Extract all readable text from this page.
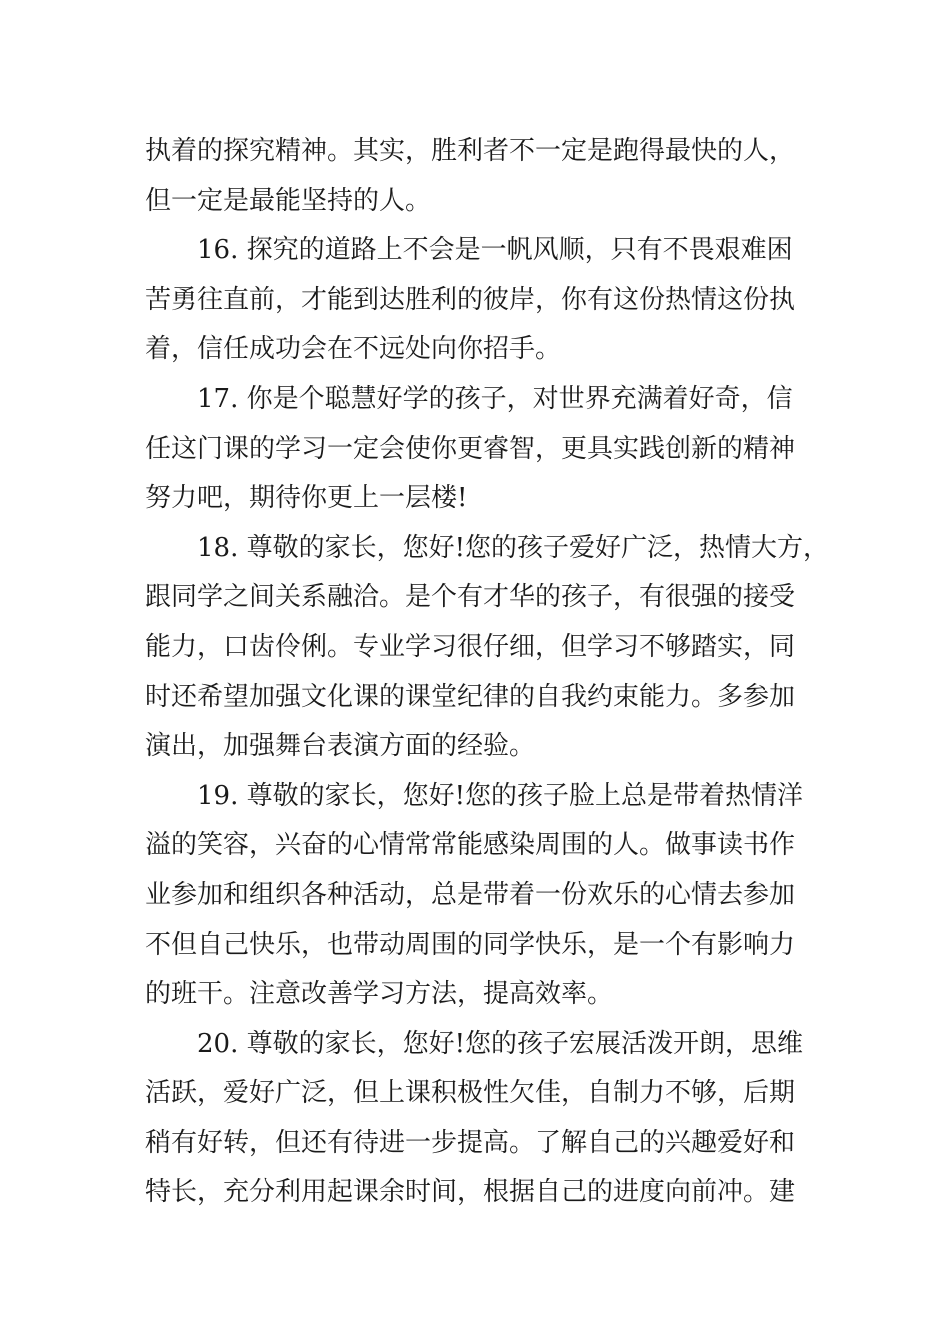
执着的探究精神。其实，胜利者不一定是跑得最快的人，
但一定是最能坚持的人。
16. 探究的道路上不会是一帆风顺，只有不畏艰难困
苦勇往直前，才能到达胜利的彼岸，你有这份热情这份执
着，信任成功会在不远处向你招手。
17. 你是个聪慧好学的孩子，对世界充满着好奇，信
任这门课的学习一定会使你更睿智，更具实践创新的精神
努力吧，期待你更上一层楼!
18. 尊敬的家长，您好!您的孩子爱好广泛，热情大方，
跟同学之间关系融洽。是个有才华的孩子，有很强的接受
能力，口齿伶俐。专业学习很仔细，但学习不够踏实，同
时还希望加强文化课的课堂纪律的自我约束能力。多参加
演出，加强舞台表演方面的经验。
19. 尊敬的家长，您好!您的孩子脸上总是带着热情洋
溢的笑容，兴奋的心情常常能感染周围的人。做事读书作
业参加和组织各种活动，总是带着一份欢乐的心情去参加
不但自己快乐，也带动周围的同学快乐，是一个有影响力
的班干。注意改善学习方法，提高效率。
20. 尊敬的家长，您好!您的孩子宏展活泼开朗，思维
活跃，爱好广泛，但上课积极性欠佳，自制力不够，后期
稍有好转，但还有待进一步提高。了解自己的兴趣爱好和
特长，充分利用起课余时间，根据自己的进度向前冲。建
